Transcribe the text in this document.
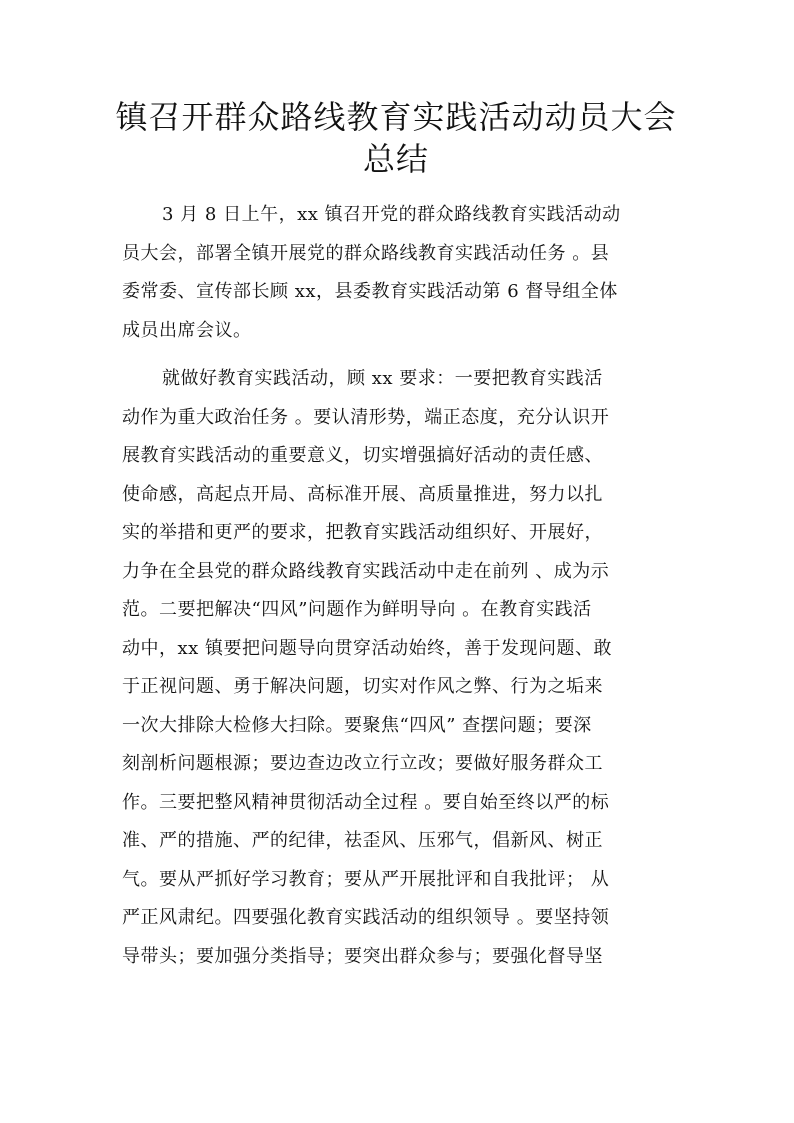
镇召开群众路线教育实践活动动员大会
总结
3 月 8 日上午，xx 镇召开党的群众路线教育实践活动动
员大会，部署全镇开展党的群众路线教育实践活动任务 。县
委常委、宣传部长顾 xx，县委教育实践活动第 6 督导组全体
成员出席会议。
就做好教育实践活动，顾 xx 要求：一要把教育实践活
动作为重大政治任务 。要认清形势，端正态度，充分认识开
展教育实践活动的重要意义，切实增强搞好活动的责任感、
使命感，高起点开局、高标准开展、高质量推进，努力以扎
实的举措和更严的要求，把教育实践活动组织好、开展好，
力争在全县党的群众路线教育实践活动中走在前列 、成为示
范。二要把解决“四风”问题作为鲜明导向 。在教育实践活
动中，xx 镇要把问题导向贯穿活动始终，善于发现问题、敢
于正视问题、勇于解决问题，切实对作风之弊、行为之垢来
一次大排除大检修大扫除。要聚焦“四风” 查摆问题；要深
刻剖析问题根源；要边查边改立行立改；要做好服务群众工
作。三要把整风精神贯彻活动全过程 。要自始至终以严的标
准、严的措施、严的纪律，祛歪风、压邪气，倡新风、树正
气。要从严抓好学习教育；要从严开展批评和自我批评； 从
严正风肃纪。四要强化教育实践活动的组织领导 。要坚持领
导带头；要加强分类指导；要突出群众参与；要强化督导坚
